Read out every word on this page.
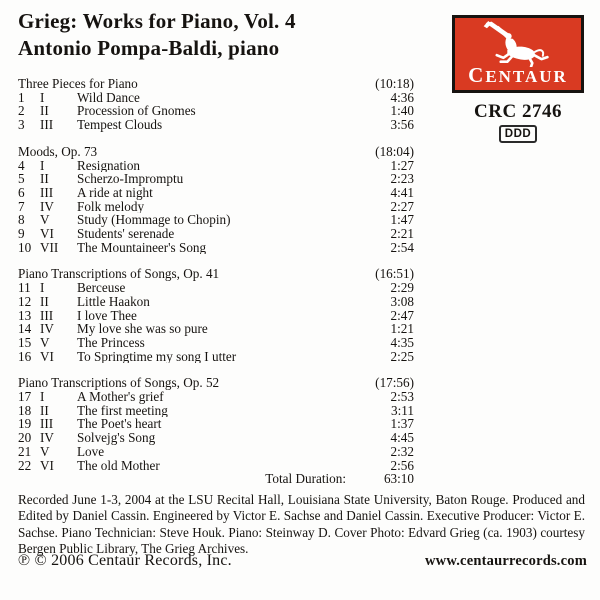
Grieg: Works for Piano, Vol. 4
Antonio Pompa-Baldi, piano
CENTAUR
CRC 2746
DDD
Three Pieces for Piano	(10:18)
1	I	Wild Dance	4:36
2	II	Procession of Gnomes	1:40
3	III	Tempest Clouds	3:56
Moods, Op. 73	(18:04)
4	I	Resignation	1:27
5	II	Scherzo-Impromptu	2:23
6	III	A ride at night	4:41
7	IV	Folk melody	2:27
8	V	Study (Hommage to Chopin)	1:47
9	VI	Students' serenade	2:21
10 VII	The Mountaineer's Song	2:54
Piano Transcriptions of Songs, Op. 41	(16:51)
11 I	Berceuse	2:29
12 II	Little Haakon	3:08
13 III	I love Thee	2:47
14 IV	My love she was so pure	1:21
15 V	The Princess	4:35
16 VI	To Springtime my song I utter	2:25
Piano Transcriptions of Songs, Op. 52	(17:56)
17 I	A Mother's grief	2:53
18 II	The first meeting	3:11
19 III	The Poet's heart	1:37
20 IV	Solvejg's Song	4:45
21 V	Love	2:32
22 VI	The old Mother	2:56
Total Duration:	63:10
Recorded June 1-3, 2004 at the LSU Recital Hall, Louisiana State University, Baton Rouge. Produced and Edited by Daniel Cassin. Engineered by Victor E. Sachse and Daniel Cassin. Executive Producer: Victor E. Sachse. Piano Technician: Steve Houk. Piano: Steinway D. Cover Photo: Edvard Grieg (ca. 1903) courtesy Bergen Public Library, The Grieg Archives.
℗ © 2006 Centaur Records, Inc.	www.centaurrecords.com
